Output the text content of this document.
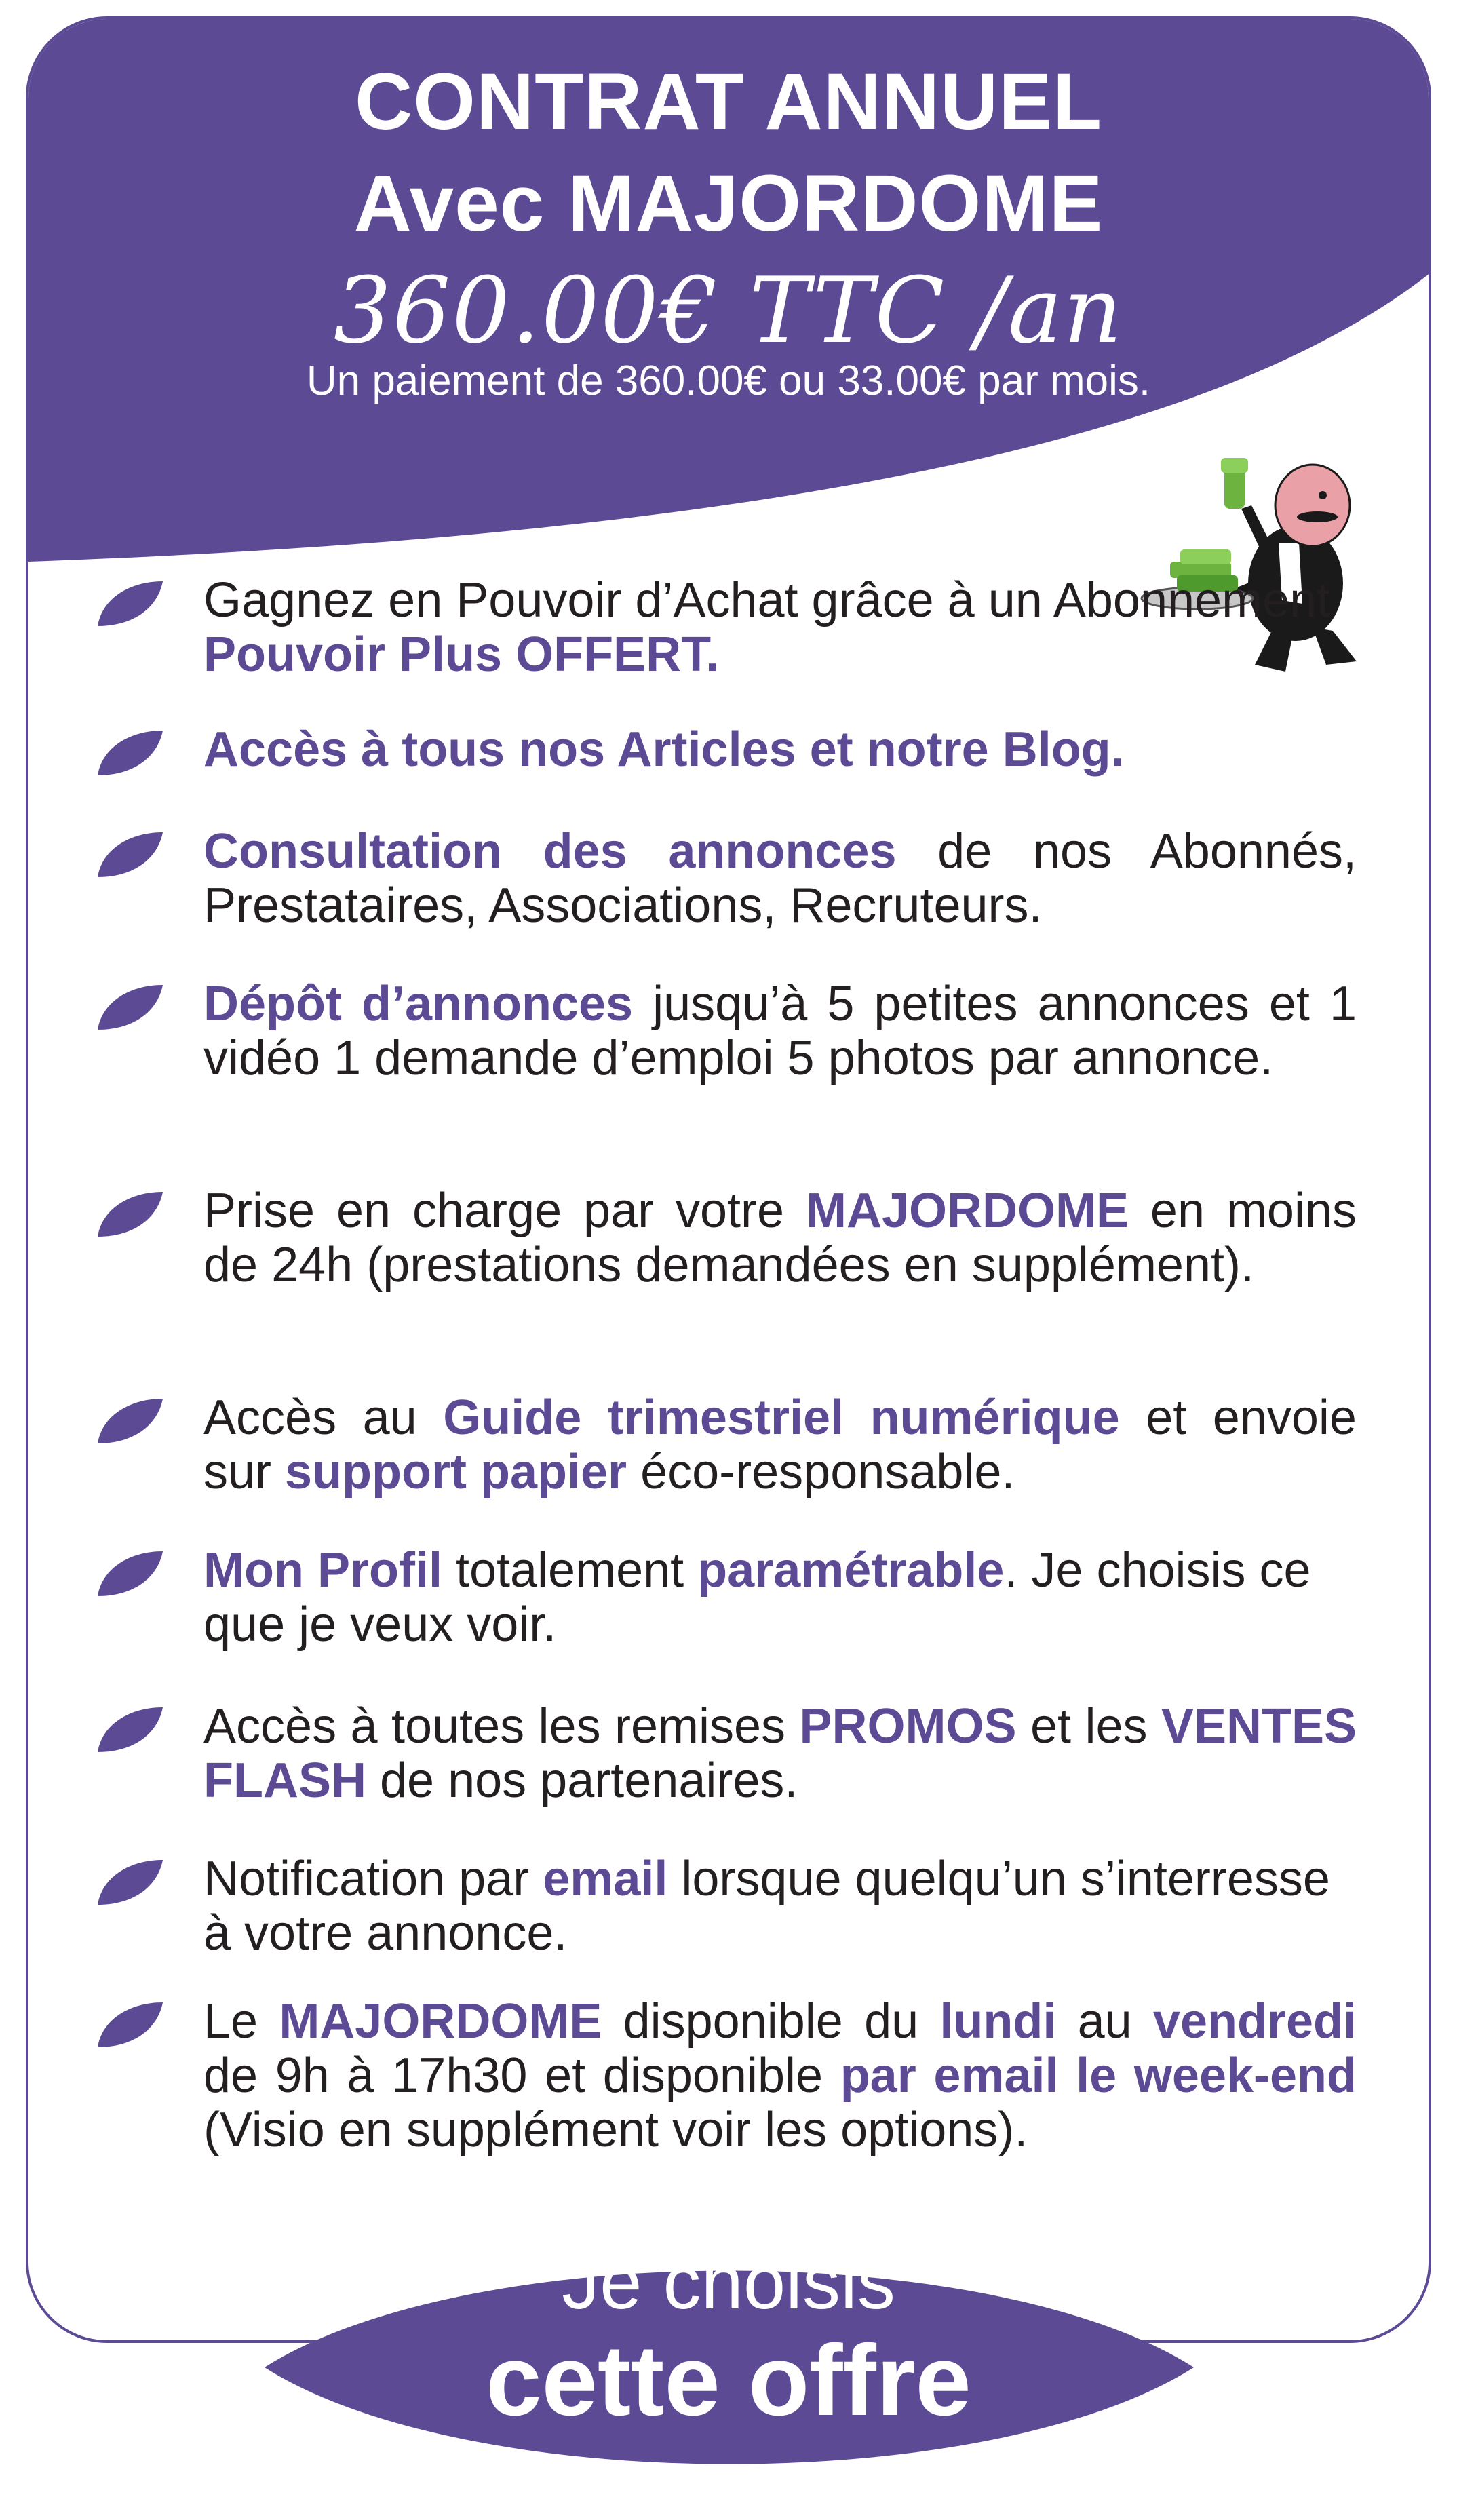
CONTRAT ANNUEL
Avec MAJORDOME
360.00€ TTC /an
Un paiement de 360.00€ ou 33.00€ par mois.
Gagnez en Pouvoir d’Achat grâce à un Abonnement Pouvoir Plus OFFERT.
Accès à tous nos Articles et notre Blog.
Consultation des annonces de nos Abonnés, Prestataires, Associations, Recruteurs.
Dépôt d’annonces jusqu’à 5 petites annonces et 1 vidéo 1 demande d’emploi 5 photos par annonce.
Prise en charge par votre MAJORDOME en moins de 24h (prestations demandées en supplément).
Accès au Guide trimestriel numérique et envoie sur support papier éco-responsable.
Mon Profil totalement paramétrable. Je choisis ce que je veux voir.
Accès à toutes les remises PROMOS et les VENTES FLASH de nos partenaires.
Notification par email lorsque quelqu’un s’interresse à votre annonce.
Le MAJORDOME disponible du lundi au vendredi de 9h à 17h30 et disponible par email le week-end (Visio en supplément voir les options).
Je choisis
cette offre
